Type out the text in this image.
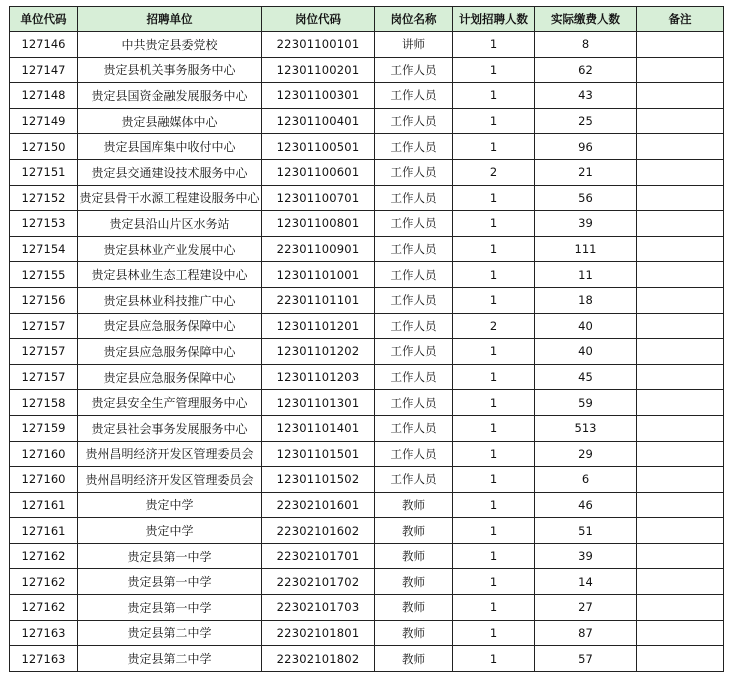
单位代码	招聘单位	岗位代码	岗位名称	计划招聘人数	实际缴费人数	备注
127146	中共贵定县委党校	22301100101	讲师	1	8	
127147	贵定县机关事务服务中心	12301100201	工作人员	1	62	
127148	贵定县国资金融发展服务中心	12301100301	工作人员	1	43	
127149	贵定县融媒体中心	12301100401	工作人员	1	25	
127150	贵定县国库集中收付中心	12301100501	工作人员	1	96	
127151	贵定县交通建设技术服务中心	12301100601	工作人员	2	21	
127152	贵定县骨干水源工程建设服务中心	12301100701	工作人员	1	56	
127153	贵定县沿山片区水务站	12301100801	工作人员	1	39	
127154	贵定县林业产业发展中心	22301100901	工作人员	1	111	
127155	贵定县林业生态工程建设中心	12301101001	工作人员	1	11	
127156	贵定县林业科技推广中心	22301101101	工作人员	1	18	
127157	贵定县应急服务保障中心	12301101201	工作人员	2	40	
127157	贵定县应急服务保障中心	12301101202	工作人员	1	40	
127157	贵定县应急服务保障中心	12301101203	工作人员	1	45	
127158	贵定县安全生产管理服务中心	12301101301	工作人员	1	59	
127159	贵定县社会事务发展服务中心	12301101401	工作人员	1	513	
127160	贵州昌明经济开发区管理委员会	12301101501	工作人员	1	29	
127160	贵州昌明经济开发区管理委员会	12301101502	工作人员	1	6	
127161	贵定中学	22302101601	教师	1	46	
127161	贵定中学	22302101602	教师	1	51	
127162	贵定县第一中学	22302101701	教师	1	39	
127162	贵定县第一中学	22302101702	教师	1	14	
127162	贵定县第一中学	22302101703	教师	1	27	
127163	贵定县第二中学	22302101801	教师	1	87	
127163	贵定县第二中学	22302101802	教师	1	57	
